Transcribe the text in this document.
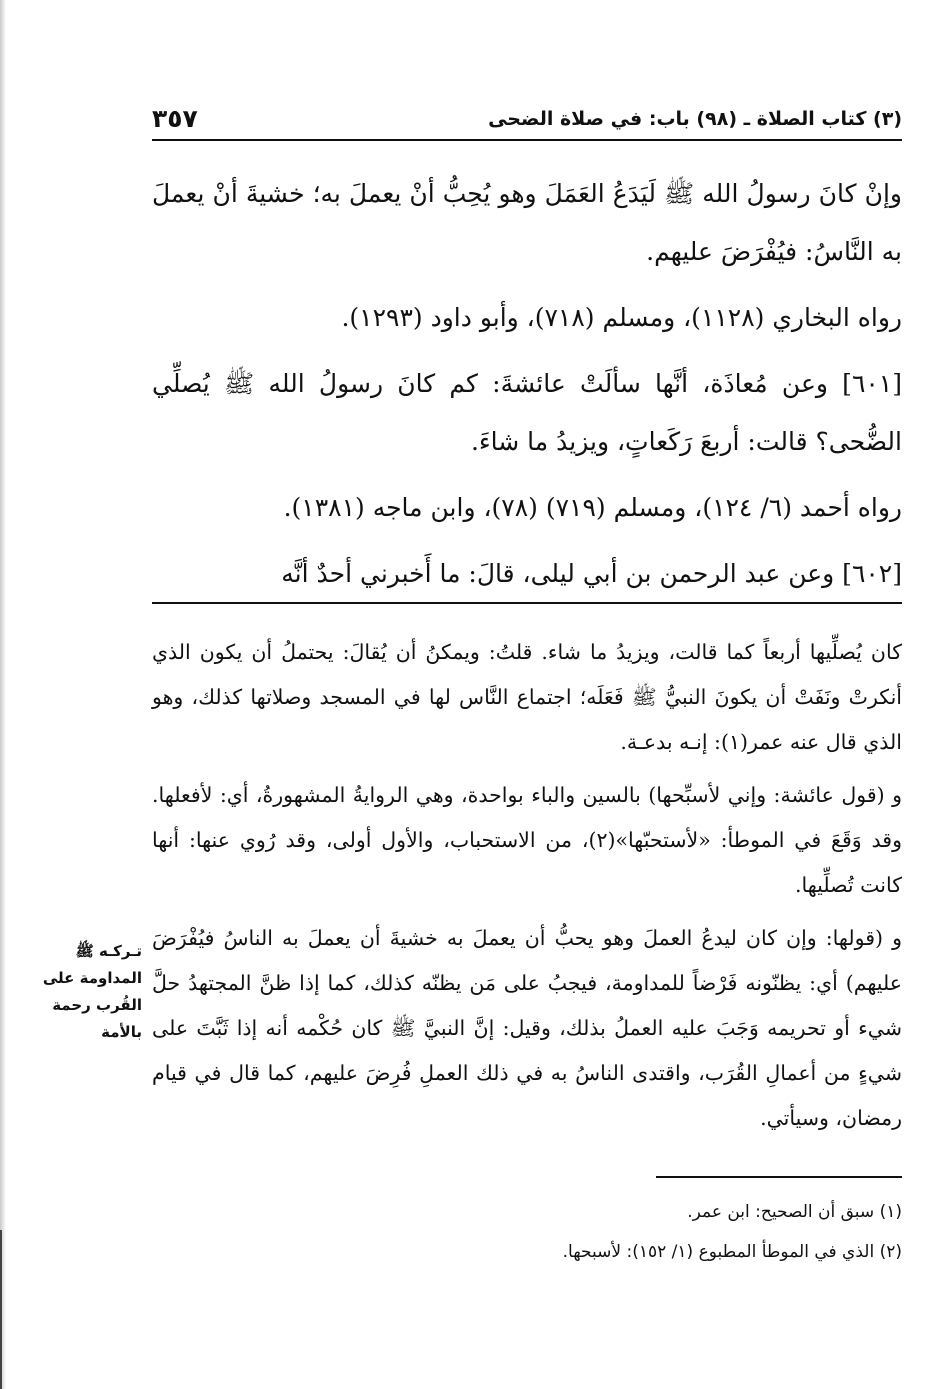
(٣) كتاب الصلاة ـ (٩٨) باب: في صلاة الضحى
٣٥٧

وإنْ كانَ رسولُ الله ﷺ لَيَدَعُ العَمَلَ وهو يُحِبُّ أنْ يعملَ به؛ خشيةَ أنْ يعملَ به النَّاسُ: فيُفْرَضَ عليهم.

رواه البخاري (١١٢٨)، ومسلم (٧١٨)، وأبو داود (١٢٩٣).

[٦٠١] وعن مُعاذَة، أنَّها سألَتْ عائشةَ: كم كانَ رسولُ الله ﷺ يُصلِّي الضُّحى؟ قالت: أربعَ رَكَعاتٍ، ويزيدُ ما شاءَ.

رواه أحمد (٦/ ١٢٤)، ومسلم (٧١٩) (٧٨)، وابن ماجه (١٣٨١).

[٦٠٢] وعن عبد الرحمن بن أبي ليلى، قالَ: ما أَخبرني أحدٌ أنَّه

كان يُصلِّيها أربعاً كما قالت، ويزيدُ ما شاء. قلتُ: ويمكنُ أن يُقالَ: يحتملُ أن يكون الذي أنكرتْ ونَفَتْ أن يكونَ النبيُّ ﷺ فَعَلَه؛ اجتماع النَّاس لها في المسجد وصلاتها كذلك، وهو الذي قال عنه عمر(١): إنـه بدعـة.

و (قول عائشة: وإني لأسبِّحها) بالسين والباء بواحدة، وهي الروايةُ المشهورةُ، أي: لأفعلها. وقد وَقَعَ في الموطأ: «لأستحبّها»(٢)، من الاستحباب، والأول أولى، وقد رُوي عنها: أنها كانت تُصلِّيها.

و (قولها: وإن كان ليدعُ العملَ وهو يحبُّ أن يعملَ به خشيةَ أن يعملَ به الناسُ فيُفْرَضَ عليهم) أي: يظنّونه فَرْضاً للمداومة، فيجبُ على مَن يظنّه كذلك، كما إذا ظنَّ المجتهدُ حلَّ شيء أو تحريمه وَجَبَ عليه العملُ بذلك، وقيل: إنَّ النبيَّ ﷺ كان حُكْمه أنه إذا ثَبَّتَ على شيءٍ من أعمالِ القُرَب، واقتدى الناسُ به في ذلك العملِ فُرِضَ عليهم، كما قال في قيام رمضان، وسيأتي.

تـركـه ﷺ المداومة على القُرب رحمة بالأمة
(١) سبق أن الصحيح: ابن عمر.
(٢) الذي في الموطأ المطبوع (١/ ١٥٢): لأسبحها.
